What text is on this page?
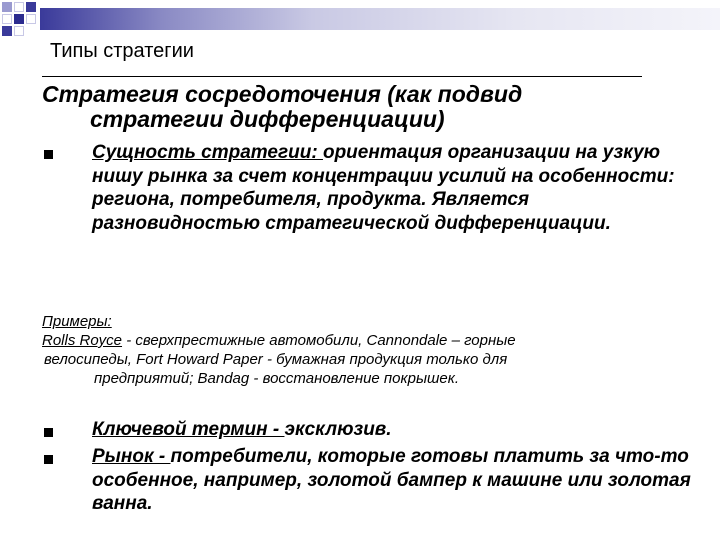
Типы стратегии
Стратегия сосредоточения (как подвид
стратегии дифференциации)
Сущность стратегии: ориентация организации на узкую нишу рынка за счет концентрации усилий на особенности: региона, потребителя, продукта. Является разновидностью стратегической дифференциации.
Примеры:
Rolls Royce - сверхпрестижные автомобили, Cannondale – горные
велосипеды, Fort Howard Paper - бумажная продукция только для
предприятий; Bandag - восстановление покрышек.
Ключевой термин - эксклюзив.
Рынок - потребители, которые готовы платить за что-то особенное, например, золотой бампер к машине или золотая ванна.
